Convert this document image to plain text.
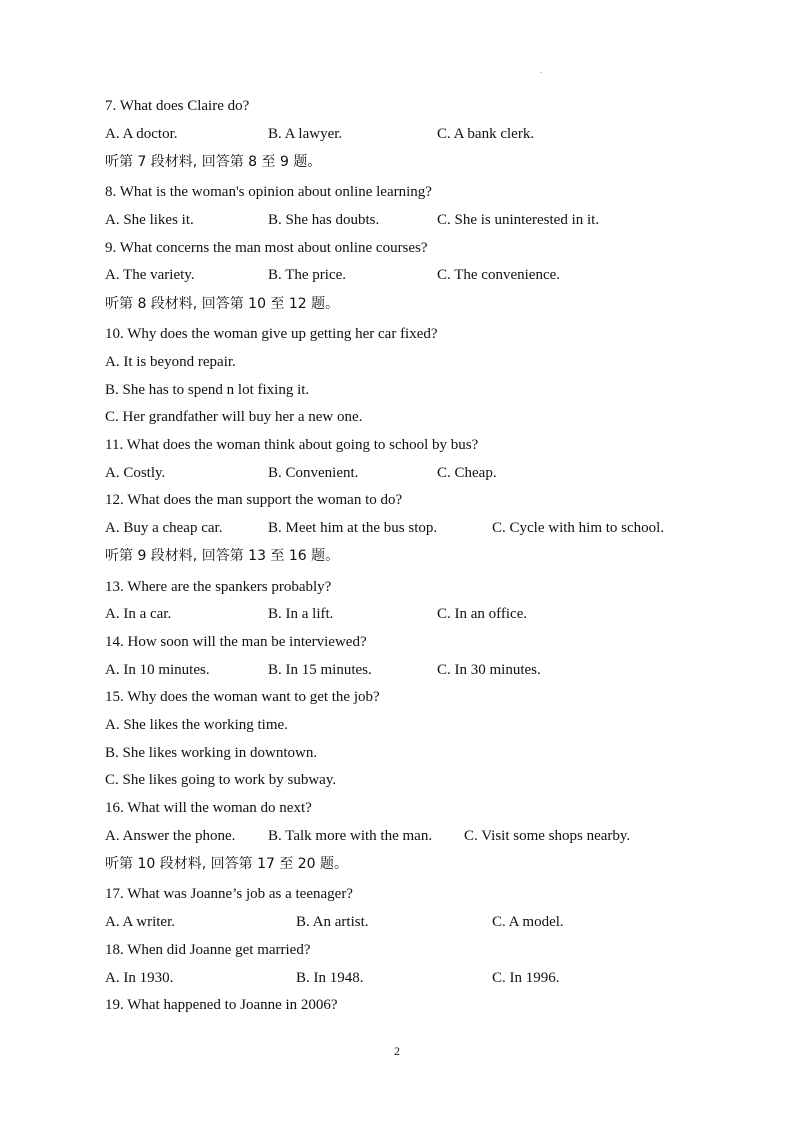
.
7. What does Claire do?
A. A doctor.	B. A lawyer.	C. A bank clerk.
听第 7 段材料, 回答第 8 至 9 题。
8. What is the woman's opinion about online learning?
A. She likes it.	B. She has doubts.	C. She is uninterested in it.
9. What concerns the man most about online courses?
A. The variety.	B. The price.	C. The convenience.
听第 8 段材料, 回答第 10 至 12 题。
10. Why does the woman give up getting her car fixed?
A. It is beyond repair.
B. She has to spend n lot fixing it.
C. Her grandfather will buy her a new one.
11. What does the woman think about going to school by bus?
A. Costly.	B. Convenient.	C. Cheap.
12. What does the man support the woman to do?
A. Buy a cheap car.	B. Meet him at the bus stop.	C. Cycle with him to school.
听第 9 段材料, 回答第 13 至 16 题。
13. Where are the spankers probably?
A. In a car.	B. In a lift.	C. In an office.
14. How soon will the man be interviewed?
A. In 10 minutes.	B. In 15 minutes.	C. In 30 minutes.
15. Why does the woman want to get the job?
A. She likes the working time.
B. She likes working in downtown.
C. She likes going to work by subway.
16. What will the woman do next?
A. Answer the phone. B. Talk more with the man. C. Visit some shops nearby.
听第 10 段材料, 回答第 17 至 20 题。
17. What was Joanne’s job as a teenager?
A. A writer.	B. An artist.	C. A model.
18. When did Joanne get married?
A. In 1930.	B. In 1948.	C. In 1996.
19. What happened to Joanne in 2006?
2
